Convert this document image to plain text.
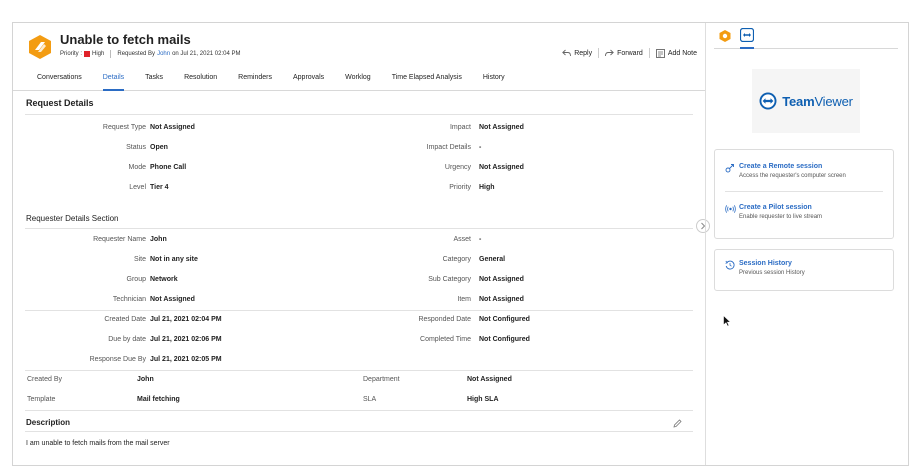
Unable to fetch mails
Priority : High Requested By John on Jul 21, 2021 02:04 PM	Reply	Forward	Add Note
Conversations	Details	Tasks	Resolution	Reminders	Approvals	Worklog	Time Elapsed Analysis	History
Request Details
Request Type Not Assigned	Impact Not Assigned
Status Open	Impact Details -
Mode Phone Call	Urgency Not Assigned
Level Tier 4	Priority High
Requester Details Section
Requester Name John	Asset -
Site Not in any site	Category General
Group Network	Sub Category Not Assigned
Technician Not Assigned	Item Not Assigned
Created Date Jul 21, 2021 02:04 PM	Responded Date Not Configured
Due by date Jul 21, 2021 02:06 PM	Completed Time Not Configured
Response Due By Jul 21, 2021 02:05 PM
Created By	John	Department	Not Assigned
Template	Mail fetching	SLA	High SLA
Description
I am unable to fetch mails from the mail server
TeamViewer
Create a Remote session
Access the requester's computer screen
Create a Pilot session
Enable requester to live stream
Session History
Previous session History
